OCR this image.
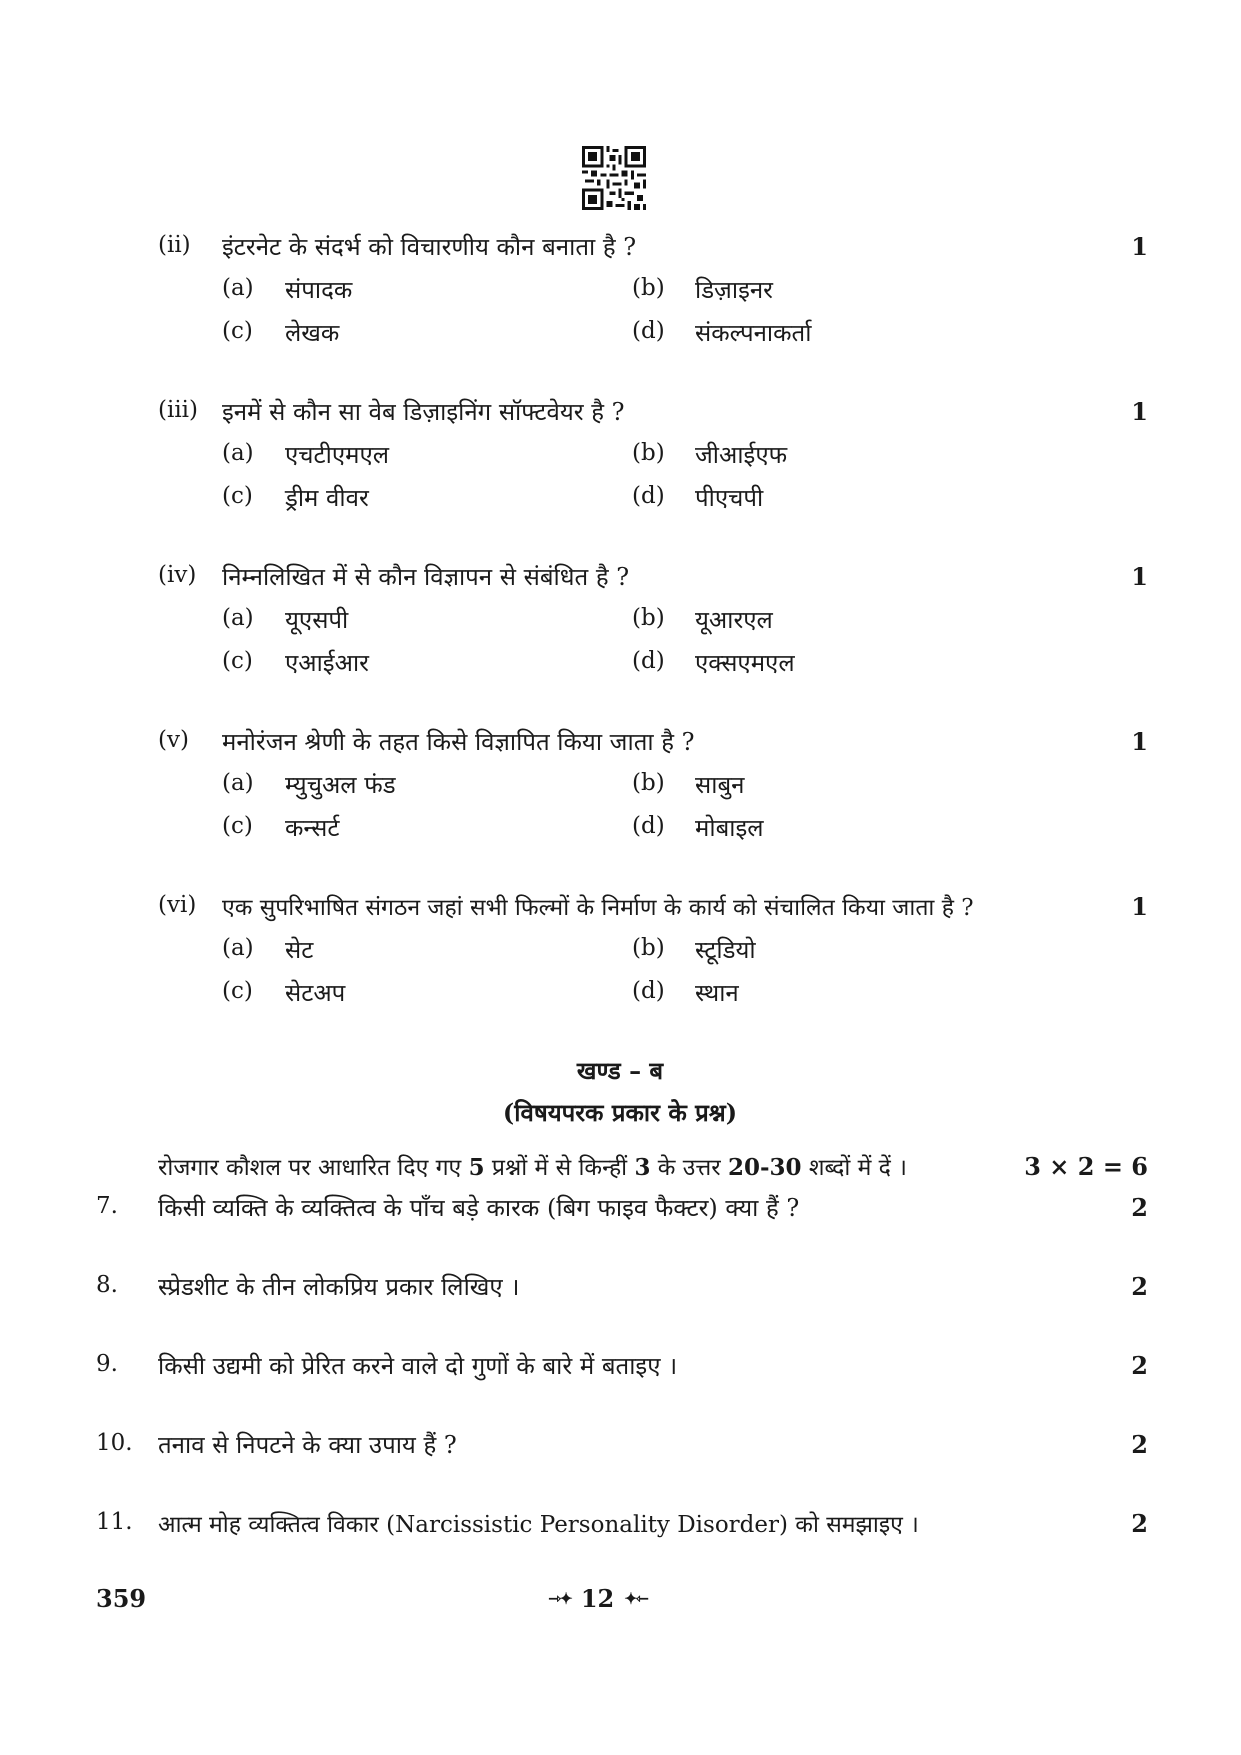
(ii) इंटरनेट के संदर्भ को विचारणीय कौन बनाता है ?	1
(a) संपादक	(b) डिज़ाइनर
(c) लेखक	(d) संकल्पनाकर्ता
(iii) इनमें से कौन सा वेब डिज़ाइनिंग सॉफ्टवेयर है ?	1
(a) एचटीएमएल	(b) जीआईएफ
(c) ड्रीम वीवर	(d) पीएचपी
(iv) निम्नलिखित में से कौन विज्ञापन से संबंधित है ?	1
(a) यूएसपी	(b) यूआरएल
(c) एआईआर	(d) एक्सएमएल
(v) मनोरंजन श्रेणी के तहत किसे विज्ञापित किया जाता है ?	1
(a) म्युचुअल फंड	(b) साबुन
(c) कन्सर्ट	(d) मोबाइल
(vi) एक सुपरिभाषित संगठन जहां सभी फिल्मों के निर्माण के कार्य को संचालित किया जाता है ?	1
(a) सेट	(b) स्टूडियो
(c) सेटअप	(d) स्थान
खण्ड – ब
(विषयपरक प्रकार के प्रश्न)
रोजगार कौशल पर आधारित दिए गए 5 प्रश्नों में से किन्हीं 3 के उत्तर 20-30 शब्दों में दें ।	3 × 2 = 6
7. किसी व्यक्ति के व्यक्तित्व के पाँच बड़े कारक (बिग फाइव फैक्टर) क्या हैं ?	2
8. स्प्रेडशीट के तीन लोकप्रिय प्रकार लिखिए ।	2
9. किसी उद्यमी को प्रेरित करने वाले दो गुणों के बारे में बताइए ।	2
10. तनाव से निपटने के क्या उपाय हैं ?	2
11. आत्म मोह व्यक्तित्व विकार (Narcissistic Personality Disorder) को समझाइए ।	2
359	⇾✦ 12 ✦⇽
